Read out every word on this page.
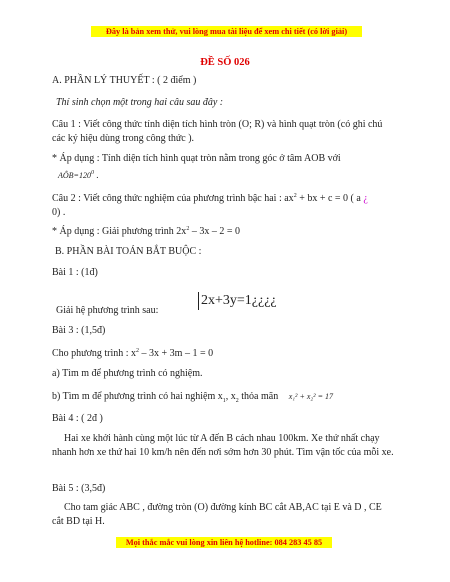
Đây là bản xem thử, vui lòng mua tài liệu để xem chi tiết (có lời giải)
ĐỀ SỐ 026
A. PHẦN LÝ THUYẾT : ( 2 điểm )
Thí sinh chọn một trong hai câu sau đây :
Câu 1 : Viết công thức tính diện tích hình tròn (O; R) và hình quạt tròn (có ghi chú các ký hiệu dùng trong công thức ).
* Áp dụng : Tính diện tích hình quạt tròn nằm trong góc ở tâm AOB với
$AÔB=120^0$ .
Câu 2 : Viết công thức nghiệm của phương trình bậc hai : $ax^2$ + bx + c = 0 ( a ¿
0) .
* Áp dụng : Giải phương trình $2x^2 - 3x - 2 = 0$
B. PHẦN BÀI TOÁN BẮT BUỘC :
Bài 1 : (1đ)
Giải hệ phương trình sau:
2x+3y=1¿¿¿¿
Bài 3 : (1,5đ)
Cho phương trình : $x^2 - 3x + 3m - 1 = 0$
a) Tìm m để phương trình có nghiệm.
b) Tìm m để phương trình có hai nghiệm $x_1$, $x_2$ thỏa mãn x₁² + x₂² = 17
Bài 4 : ( 2đ )
Hai xe khởi hành cùng một lúc từ A đến B cách nhau 100km. Xe thứ nhất chạy nhanh hơn xe thứ hai 10 km/h nên đến nơi sớm hơn 30 phút. Tìm vận tốc của mỗi xe.
Bài 5 : (3,5đ)
Cho tam giác ABC , đường tròn (O) đường kính BC cắt AB,AC tại E và D , CE cắt BD tại H.
Mọi thắc mắc vui lòng xin liên hệ hotline: 084 283 45 85
